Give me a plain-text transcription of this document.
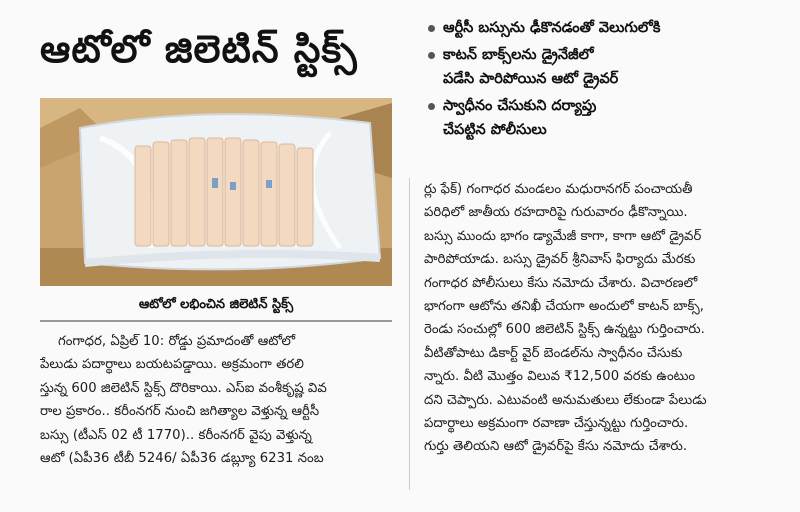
ఆటోలో జిలెటిన్ స్టిక్స్	ఆర్టీసీ బస్సును ఢీకొనడంతో వెలుగులోకి
కాటన్ బాక్స్‌లను డ్రైనేజీలో
పడేసి పారిపోయిన ఆటో డ్రైవర్
స్వాధీనం చేసుకుని దర్యాప్తు
చేపట్టిన పోలీసులు
ఆటోలో లభించిన జిలెటిన్ స్టిక్స్
గంగాధర, ఏప్రిల్ 10: రోడ్డు ప్రమాదంతో ఆటోలో
పేలుడు పదార్థాలు బయటపడ్డాయి. అక్రమంగా తరలి
స్తున్న 600 జిలెటిన్ స్టిక్స్ దొరికాయి. ఎస్ఐ వంశీకృష్ణ వివ
రాల ప్రకారం.. కరీంనగర్ నుంచి జగిత్యాల వెళ్తున్న ఆర్టీసీ
బస్సు (టీఎస్ 02 టీ 1770).. కరీంనగర్ వైపు వెళ్తున్న
ఆటో (ఏపీ36 టీబీ 5246/ ఏపీ36 డబ్ల్యూ 6231 నంబ
ర్లు ఫేక్) గంగాధర మండలం మధురానగర్ పంచాయతీ
పరిధిలో జాతీయ రహదారిపై గురువారం ఢీకొన్నాయి.
బస్సు ముందు భాగం డ్యామేజీ కాగా, కాగా ఆటో డ్రైవర్
పారిపోయాడు. బస్సు డ్రైవర్ శ్రీనివాస్ ఫిర్యాదు మేరకు
గంగాధర పోలీసులు కేసు నమోదు చేశారు. విచారణలో
భాగంగా ఆటోను తనిఖీ చేయగా అందులో కాటన్ బాక్స్,
రెండు సంచుల్లో 600 జిలెటిన్ స్టిక్స్ ఉన్నట్టు గుర్తించారు.
వీటితోపాటు డికార్ట్ వైర్ బెండల్‌ను స్వాధీనం చేసుకు
న్నారు. వీటి మొత్తం విలువ ₹12,500 వరకు ఉంటుం
దని చెప్పారు. ఎటువంటి అనుమతులు లేకుండా పేలుడు
పదార్థాలు అక్రమంగా రవాణా చేస్తున్నట్టు గుర్తించారు.
గుర్తు తెలియని ఆటో డ్రైవర్‌పై కేసు నమోదు చేశారు.
